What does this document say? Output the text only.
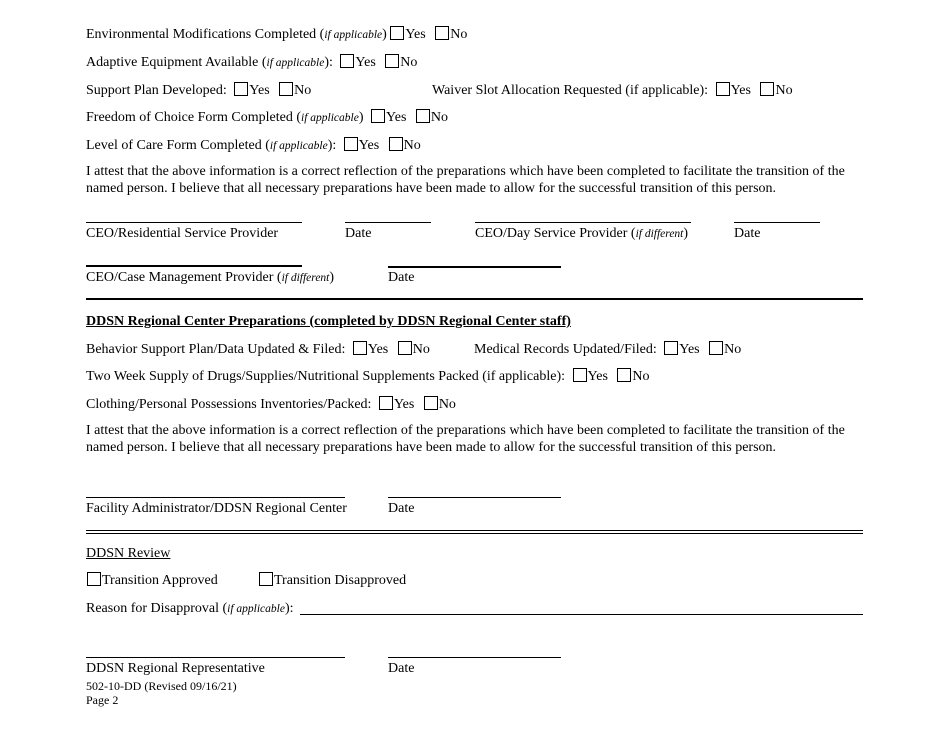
Environmental Modifications Completed (if applicable) Yes No
Adaptive Equipment Available (if applicable): Yes No
Support Plan Developed: Yes No	Waiver Slot Allocation Requested (if applicable): Yes No
Freedom of Choice Form Completed (if applicable) Yes No
Level of Care Form Completed (if applicable): Yes No
I attest that the above information is a correct reflection of the preparations which have been completed to facilitate the transition of the named person. I believe that all necessary preparations have been made to allow for the successful transition of this person.
CEO/Residential Service Provider	Date	CEO/Day Service Provider (if different)	Date
CEO/Case Management Provider (if different)	Date
DDSN Regional Center Preparations (completed by DDSN Regional Center staff)
Behavior Support Plan/Data Updated & Filed: Yes No	Medical Records Updated/Filed: Yes No
Two Week Supply of Drugs/Supplies/Nutritional Supplements Packed (if applicable): Yes No
Clothing/Personal Possessions Inventories/Packed: Yes No
I attest that the above information is a correct reflection of the preparations which have been completed to facilitate the transition of the named person. I believe that all necessary preparations have been made to allow for the successful transition of this person.
Facility Administrator/DDSN Regional Center	Date
DDSN Review
Transition Approved	Transition Disapproved
Reason for Disapproval (if applicable):
DDSN Regional Representative	Date
502-10-DD (Revised 09/16/21)
Page 2
